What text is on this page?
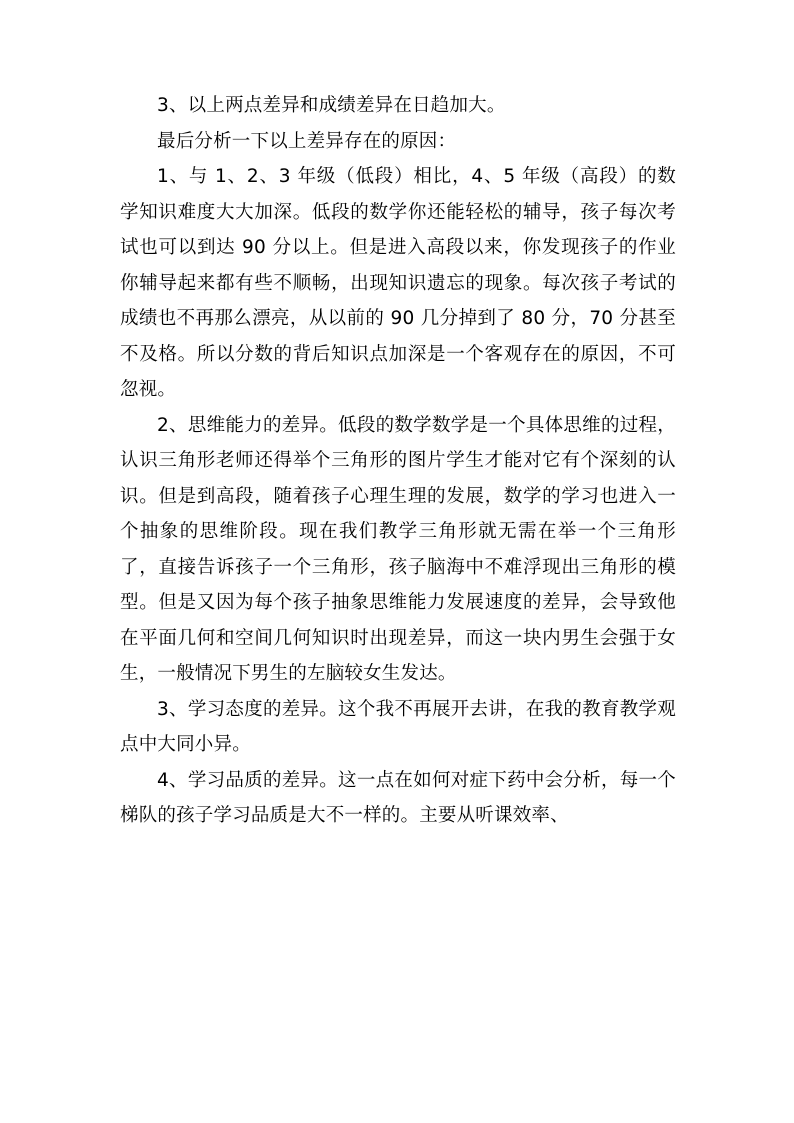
3、以上两点差异和成绩差异在日趋加大。

最后分析一下以上差异存在的原因：

1、与 1、2、3 年级（低段）相比，4、5 年级（高段）的数学知识难度大大加深。低段的数学你还能轻松的辅导，孩子每次考试也可以到达 90 分以上。但是进入高段以来，你发现孩子的作业你辅导起来都有些不顺畅，出现知识遗忘的现象。每次孩子考试的成绩也不再那么漂亮，从以前的 90 几分掉到了 80 分，70 分甚至不及格。所以分数的背后知识点加深是一个客观存在的原因，不可忽视。

2、思维能力的差异。低段的数学数学是一个具体思维的过程，认识三角形老师还得举个三角形的图片学生才能对它有个深刻的认识。但是到高段，随着孩子心理生理的发展，数学的学习也进入一个抽象的思维阶段。现在我们教学三角形就无需在举一个三角形了，直接告诉孩子一个三角形，孩子脑海中不难浮现出三角形的模型。但是又因为每个孩子抽象思维能力发展速度的差异，会导致他在平面几何和空间几何知识时出现差异，而这一块内男生会强于女生，一般情况下男生的左脑较女生发达。

3、学习态度的差异。这个我不再展开去讲，在我的教育教学观点中大同小异。

4、学习品质的差异。这一点在如何对症下药中会分析，每一个梯队的孩子学习品质是大不一样的。主要从听课效率、
